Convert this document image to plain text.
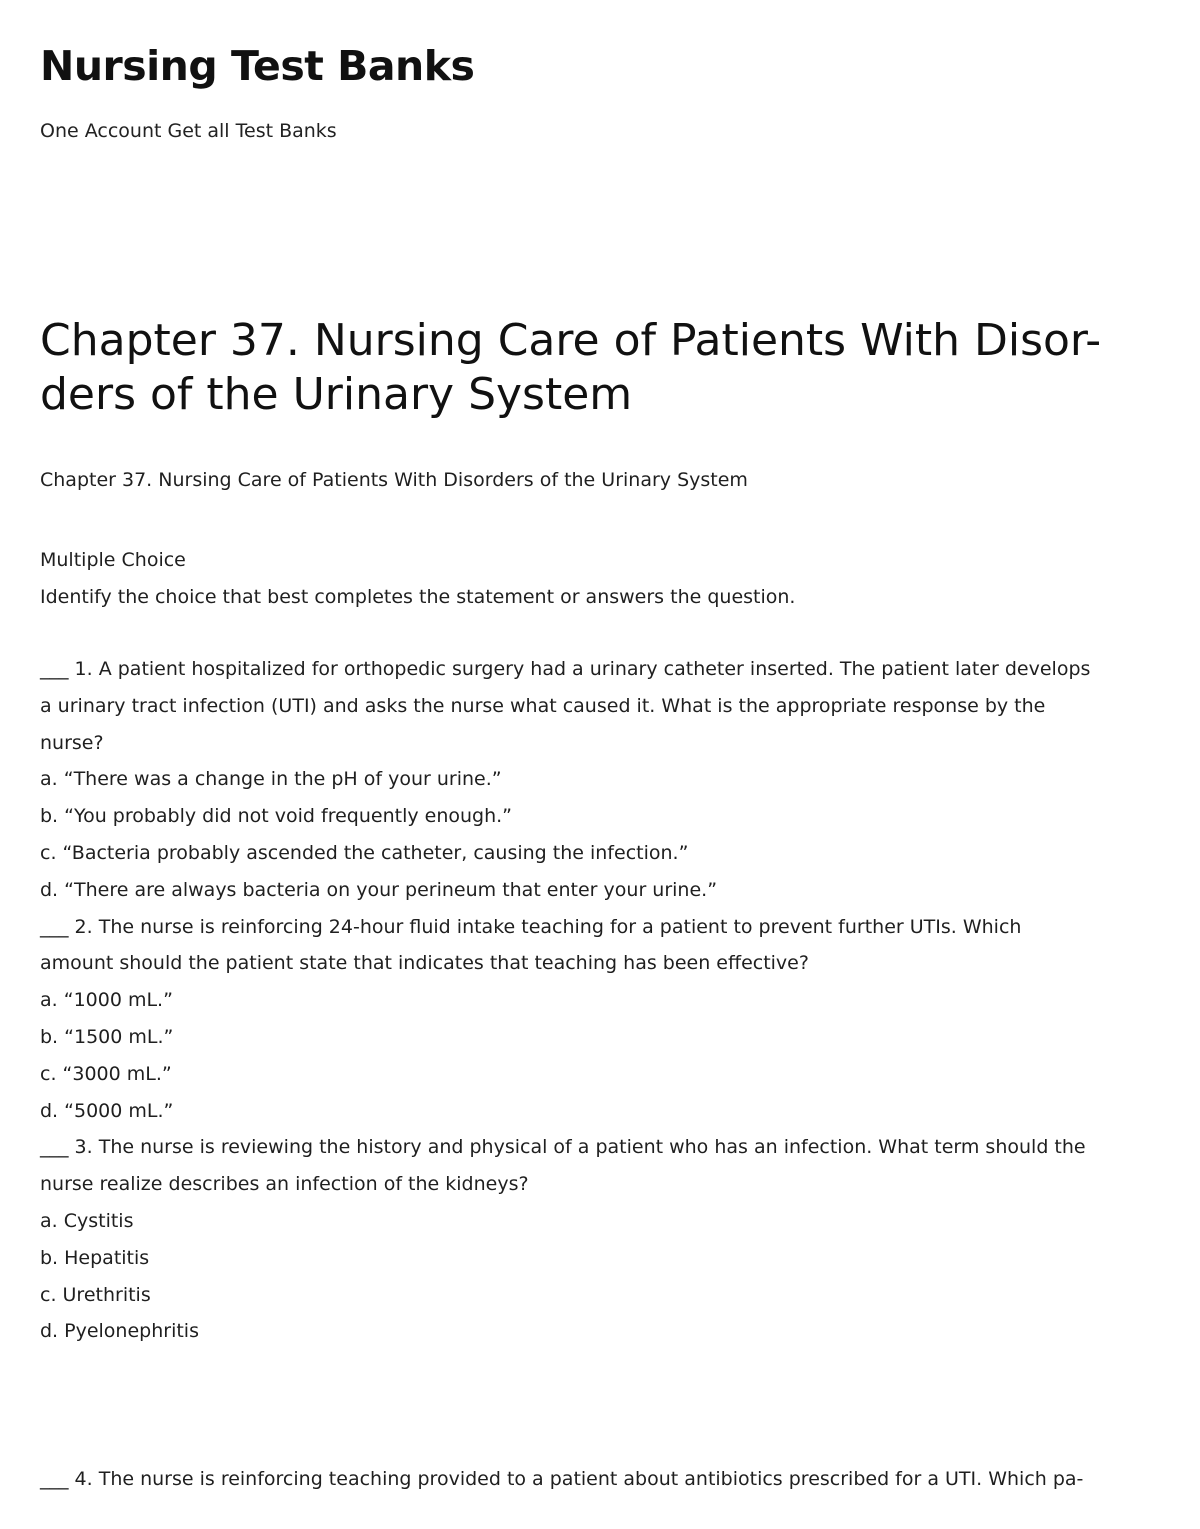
Nursing Test Banks
One Account Get all Test Banks
Chapter 37. Nursing Care of Patients With Disor-
ders of the Urinary System
Chapter 37. Nursing Care of Patients With Disorders of the Urinary System
Multiple Choice
Identify the choice that best completes the statement or answers the question.
___ 1. A patient hospitalized for orthopedic surgery had a urinary catheter inserted. The patient later develops
a urinary tract infection (UTI) and asks the nurse what caused it. What is the appropriate response by the
nurse?
a. “There was a change in the pH of your urine.”
b. “You probably did not void frequently enough.”
c. “Bacteria probably ascended the catheter, causing the infection.”
d. “There are always bacteria on your perineum that enter your urine.”
___ 2. The nurse is reinforcing 24-hour fluid intake teaching for a patient to prevent further UTIs. Which
amount should the patient state that indicates that teaching has been effective?
a. “1000 mL.”
b. “1500 mL.”
c. “3000 mL.”
d. “5000 mL.”
___ 3. The nurse is reviewing the history and physical of a patient who has an infection. What term should the
nurse realize describes an infection of the kidneys?
a. Cystitis
b. Hepatitis
c. Urethritis
d. Pyelonephritis
___ 4. The nurse is reinforcing teaching provided to a patient about antibiotics prescribed for a UTI. Which pa-
